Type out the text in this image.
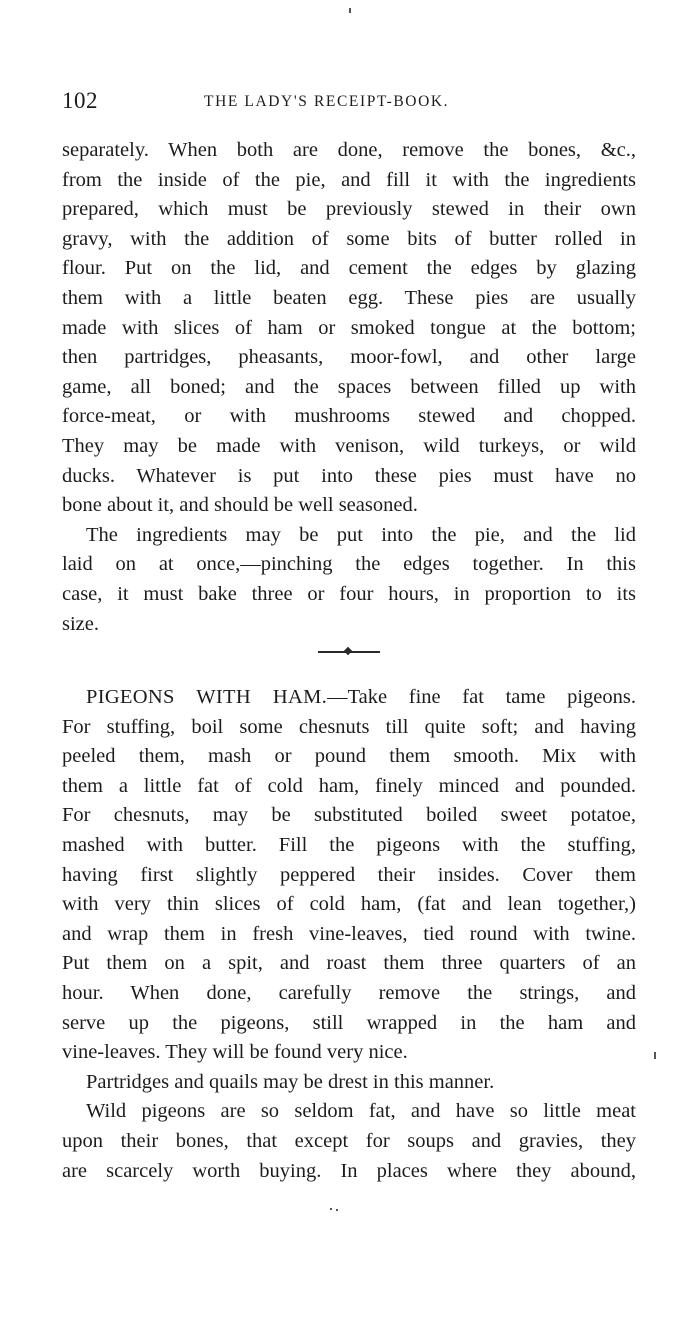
102	THE LADY'S RECEIPT-BOOK.
separately. When both are done, remove the bones, &c.,
from the inside of the pie, and fill it with the ingredients
prepared, which must be previously stewed in their own
gravy, with the addition of some bits of butter rolled in
flour. Put on the lid, and cement the edges by glazing
them with a little beaten egg. These pies are usually
made with slices of ham or smoked tongue at the bottom;
then partridges, pheasants, moor-fowl, and other large
game, all boned; and the spaces between filled up with
force-meat, or with mushrooms stewed and chopped.
They may be made with venison, wild turkeys, or wild
ducks. Whatever is put into these pies must have no
bone about it, and should be well seasoned.
The ingredients may be put into the pie, and the lid
laid on at once,—pinching the edges together. In this
case, it must bake three or four hours, in proportion to its
size.
PIGEONS WITH HAM.—Take fine fat tame pigeons.
For stuffing, boil some chesnuts till quite soft; and having
peeled them, mash or pound them smooth. Mix with
them a little fat of cold ham, finely minced and pounded.
For chesnuts, may be substituted boiled sweet potatoe,
mashed with butter. Fill the pigeons with the stuffing,
having first slightly peppered their insides. Cover them
with very thin slices of cold ham, (fat and lean together,)
and wrap them in fresh vine-leaves, tied round with twine.
Put them on a spit, and roast them three quarters of an
hour. When done, carefully remove the strings, and
serve up the pigeons, still wrapped in the ham and
vine-leaves. They will be found very nice.
Partridges and quails may be drest in this manner.
Wild pigeons are so seldom fat, and have so little meat
upon their bones, that except for soups and gravies, they
are scarcely worth buying. In places where they abound,
